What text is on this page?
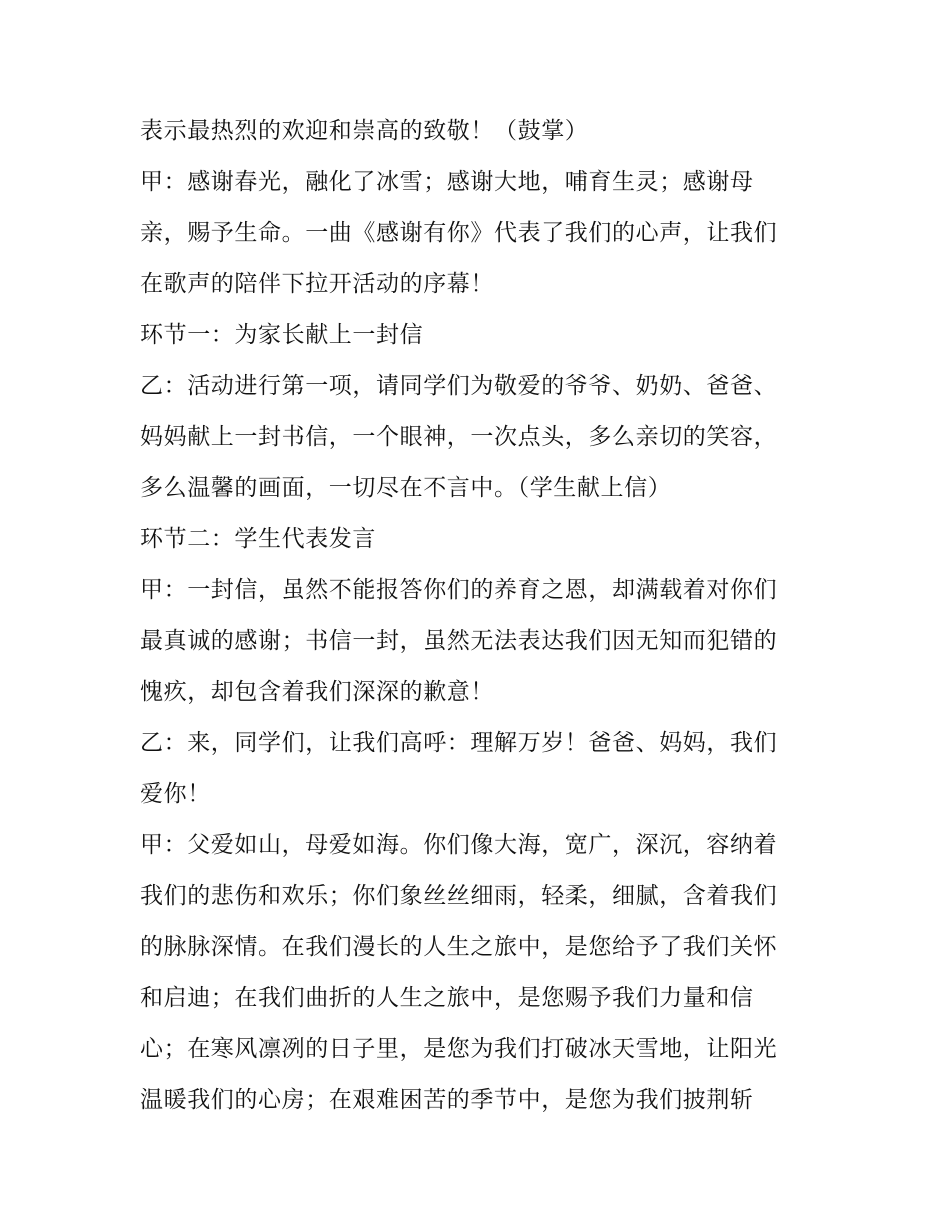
表示最热烈的欢迎和崇高的致敬！（鼓掌）
甲：感谢春光，融化了冰雪；感谢大地，哺育生灵；感谢母
亲，赐予生命。一曲《感谢有你》代表了我们的心声，让我们
在歌声的陪伴下拉开活动的序幕！
环节一：为家长献上一封信
乙：活动进行第一项，请同学们为敬爱的爷爷、奶奶、爸爸、
妈妈献上一封书信，一个眼神，一次点头，多么亲切的笑容，
多么温馨的画面，一切尽在不言中。（学生献上信）
环节二：学生代表发言
甲：一封信，虽然不能报答你们的养育之恩，却满载着对你们
最真诚的感谢；书信一封，虽然无法表达我们因无知而犯错的
愧疚，却包含着我们深深的歉意！
乙：来，同学们，让我们高呼：理解万岁！爸爸、妈妈，我们
爱你！
甲：父爱如山，母爱如海。你们像大海，宽广，深沉，容纳着
我们的悲伤和欢乐；你们象丝丝细雨，轻柔，细腻，含着我们
的脉脉深情。在我们漫长的人生之旅中，是您给予了我们关怀
和启迪；在我们曲折的人生之旅中，是您赐予我们力量和信
心；在寒风凛冽的日子里，是您为我们打破冰天雪地，让阳光
温暖我们的心房；在艰难困苦的季节中，是您为我们披荆斩
